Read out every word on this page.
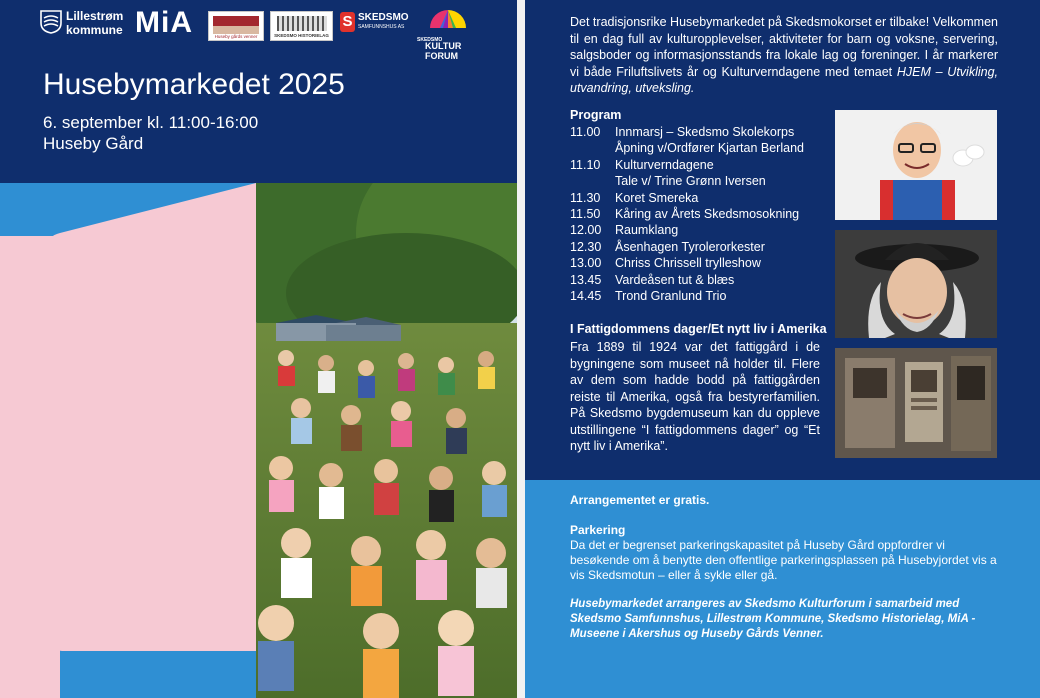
Lillestrøm
kommune MiA	Huseby gårds venner	SKEDSMO HISTORIELAG
S SKEDSMO
SAMFUNNSHUS AS
SKEDSMO
KULTUR
FORUM
Husebymarkedet 2025
6. september kl. 11:00-16:00
Huseby Gård
Det tradisjonsrike Husebymarkedet på Skedsmokorset er tilbake! Velkommen til en dag full av kulturopplevelser, aktiviteter for barn og voksne, servering, salgsboder og informasjonsstands fra lokale lag og foreninger. I år markerer vi både Friluftslivets år og Kulturverndagene med temaet HJEM – Utvikling, utvandring, utveksling.
Program
11.00	Innmarsj – Skedsmo Skolekorps
Åpning v/Ordfører Kjartan Berland
11.10	Kulturverndagene
Tale v/ Trine Grønn Iversen
11.30	Koret Smereka
11.50	Kåring av Årets Skedsmosokning
12.00	Raumklang
12.30	Åsenhagen Tyrolerorkester
13.00	Chriss Chrissell trylleshow
13.45	Vardeåsen tut & blæs
14.45	Trond Granlund Trio
I Fattigdommens dager/Et nytt liv i Amerika
Fra 1889 til 1924 var det fattiggård i de bygningene som museet nå holder til. Flere av dem som hadde bodd på fattiggården reiste til Amerika, også fra bestyrerfamilien. På Skedsmo bygdemuseum kan du oppleve utstillingene “I fattigdommens dager” og “Et nytt liv i Amerika”.
Arrangementet er gratis.
Parkering
Da det er begrenset parkeringskapasitet på Huseby Gård oppfordrer vi besøkende om å benytte den offentlige parkeringsplassen på Husebyjordet vis a vis Skedsmotun – eller å sykle eller gå.
Husebymarkedet arrangeres av Skedsmo Kulturforum i samarbeid med Skedsmo Samfunnshus, Lillestrøm Kommune, Skedsmo Historielag, MiA - Museene i Akershus og Huseby Gårds Venner.
